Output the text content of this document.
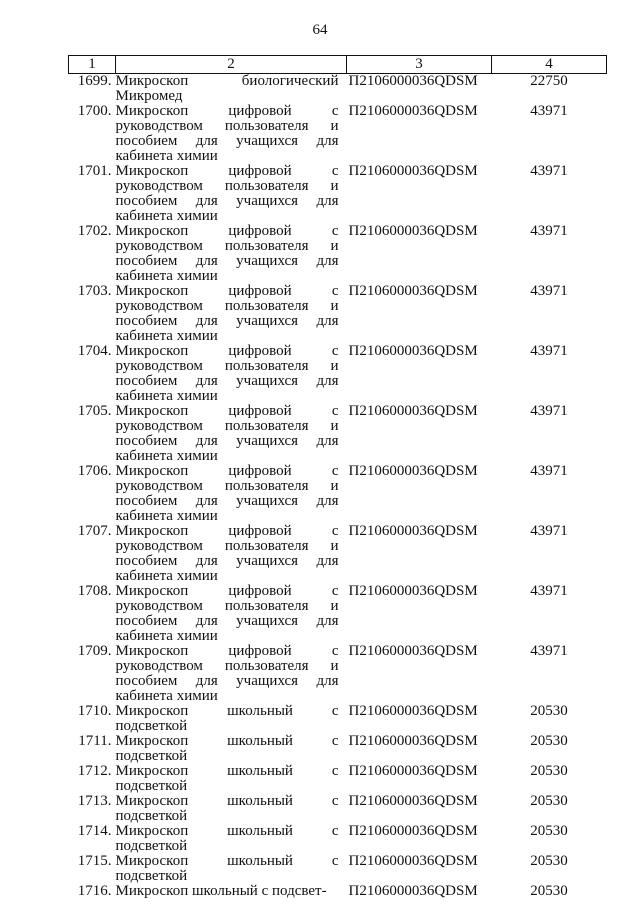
64
1	2	3	4
1699.	Микроскоп биологический Микромед	П2106000036QDSM	22750
1700.	Микроскоп цифровой с руководством пользователя и пособием для учащихся для кабинета химии	П2106000036QDSM	43971
1701.	Микроскоп цифровой с руководством пользователя и пособием для учащихся для кабинета химии	П2106000036QDSM	43971
1702.	Микроскоп цифровой с руководством пользователя и пособием для учащихся для кабинета химии	П2106000036QDSM	43971
1703.	Микроскоп цифровой с руководством пользователя и пособием для учащихся для кабинета химии	П2106000036QDSM	43971
1704.	Микроскоп цифровой с руководством пользователя и пособием для учащихся для кабинета химии	П2106000036QDSM	43971
1705.	Микроскоп цифровой с руководством пользователя и пособием для учащихся для кабинета химии	П2106000036QDSM	43971
1706.	Микроскоп цифровой с руководством пользователя и пособием для учащихся для кабинета химии	П2106000036QDSM	43971
1707.	Микроскоп цифровой с руководством пользователя и пособием для учащихся для кабинета химии	П2106000036QDSM	43971
1708.	Микроскоп цифровой с руководством пользователя и пособием для учащихся для кабинета химии	П2106000036QDSM	43971
1709.	Микроскоп цифровой с руководством пользователя и пособием для учащихся для кабинета химии	П2106000036QDSM	43971
1710.	Микроскоп школьный с подсветкой	П2106000036QDSM	20530
1711.	Микроскоп школьный с подсветкой	П2106000036QDSM	20530
1712.	Микроскоп школьный с подсветкой	П2106000036QDSM	20530
1713.	Микроскоп школьный с подсветкой	П2106000036QDSM	20530
1714.	Микроскоп школьный с подсветкой	П2106000036QDSM	20530
1715.	Микроскоп школьный с подсветкой	П2106000036QDSM	20530
1716.	Микроскоп школьный с подсвет-	П2106000036QDSM	20530
